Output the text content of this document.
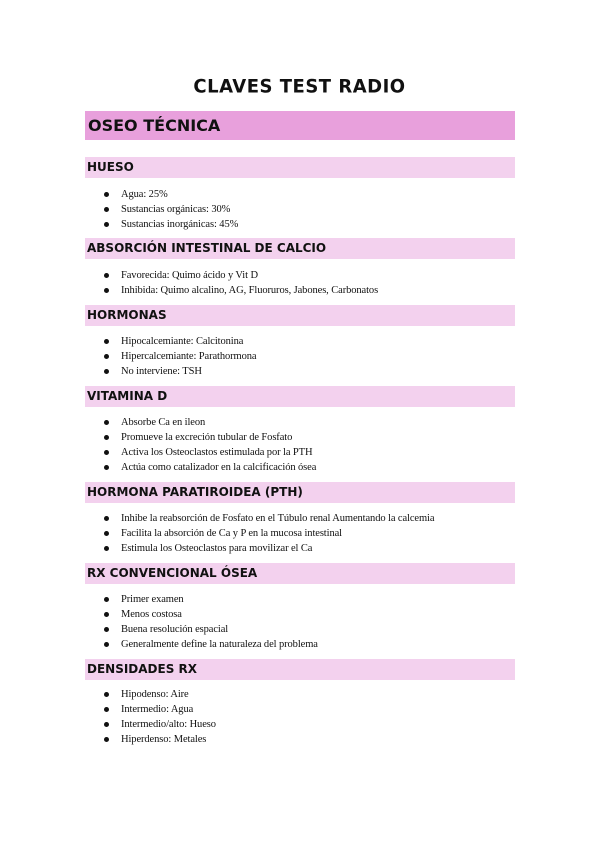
CLAVES TEST RADIO
OSEO TÉCNICA
HUESO
Agua: 25%
Sustancias orgánicas: 30%
Sustancias inorgánicas: 45%
ABSORCIÓN INTESTINAL DE CALCIO
Favorecida: Quimo ácido y Vit D
Inhibida: Quimo alcalino, AG, Fluoruros, Jabones, Carbonatos
HORMONAS
Hipocalcemiante: Calcitonina
Hipercalcemiante: Parathormona
No interviene: TSH
VITAMINA D
Absorbe Ca en ileon
Promueve la excreción tubular de Fosfato
Activa los Osteoclastos estimulada por la PTH
Actúa como catalizador en la calcificación ósea
HORMONA PARATIROIDEA (PTH)
Inhibe la reabsorción de Fosfato en el Túbulo renal Aumentando la calcemia
Facilita la absorción de Ca y P en la mucosa intestinal
Estimula los Osteoclastos para movilizar el Ca
RX CONVENCIONAL ÓSEA
Primer examen
Menos costosa
Buena resolución espacial
Generalmente define la naturaleza del problema
DENSIDADES RX
Hipodenso: Aire
Intermedio: Agua
Intermedio/alto: Hueso
Hiperdenso: Metales
